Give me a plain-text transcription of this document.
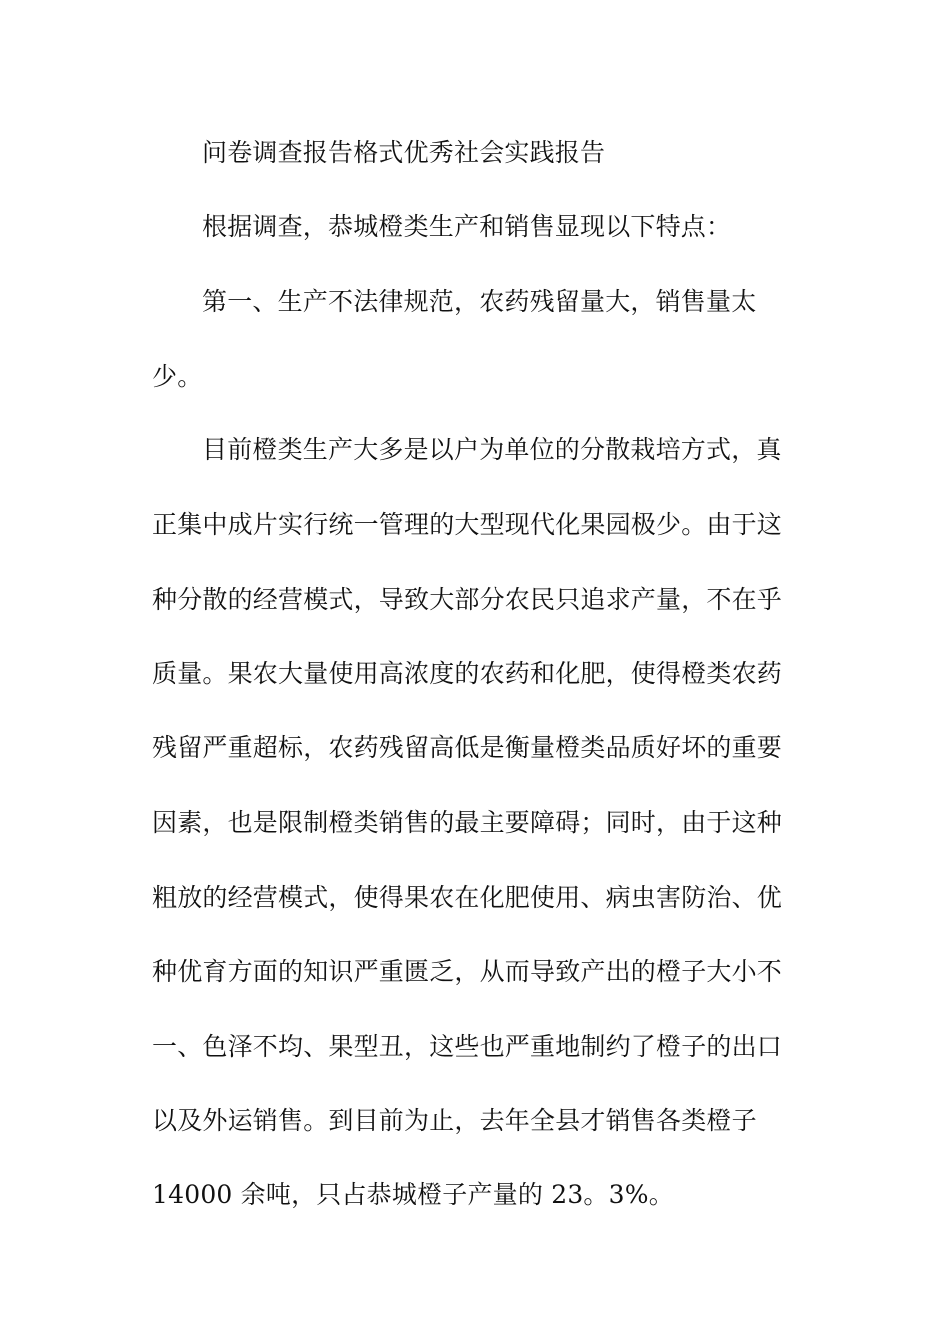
问卷调查报告格式优秀社会实践报告
根据调查，恭城橙类生产和销售显现以下特点：
第一、生产不法律规范，农药残留量大，销售量太
少。
目前橙类生产大多是以户为单位的分散栽培方式，真
正集中成片实行统一管理的大型现代化果园极少。由于这
种分散的经营模式，导致大部分农民只追求产量，不在乎
质量。果农大量使用高浓度的农药和化肥，使得橙类农药
残留严重超标，农药残留高低是衡量橙类品质好坏的重要
因素，也是限制橙类销售的最主要障碍；同时，由于这种
粗放的经营模式，使得果农在化肥使用、病虫害防治、优
种优育方面的知识严重匮乏，从而导致产出的橙子大小不
一、色泽不均、果型丑，这些也严重地制约了橙子的出口
以及外运销售。到目前为止，去年全县才销售各类橙子
14000 余吨，只占恭城橙子产量的 23。3%。
